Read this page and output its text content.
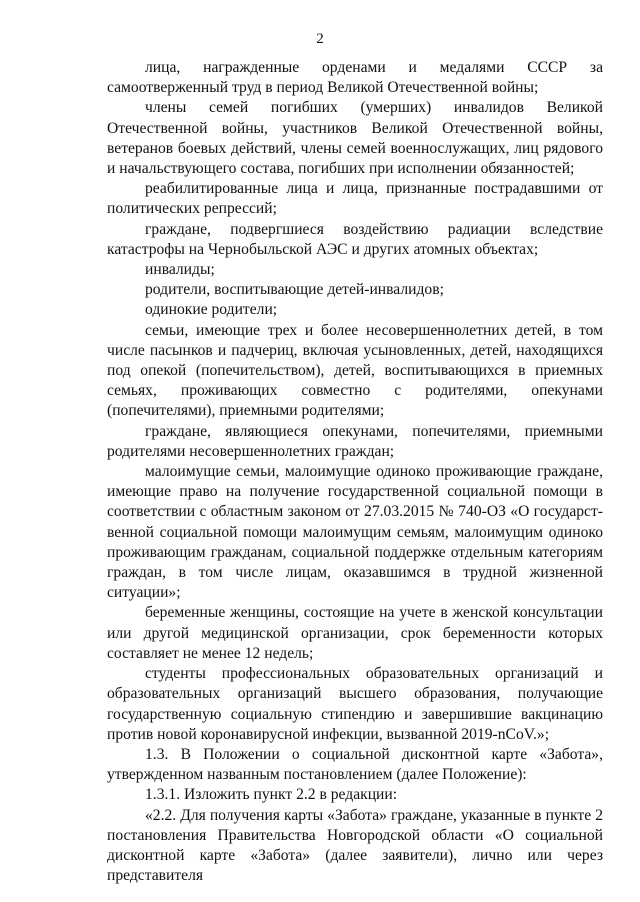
2

лица, награжденные орденами и медалями СССР за самоотверженный труд в период Великой Отечественной войны;

члены семей погибших (умерших) инвалидов Великой Отечественной войны, участников Великой Отечественной войны, ветеранов боевых действий, члены семей военнослужащих, лиц рядового и начальствующего состава, погибших при исполнении обязанностей;

реабилитированные лица и лица, признанные пострадавшими от политических репрессий;

граждане, подвергшиеся воздействию радиации вследствие катастрофы на Чернобыльской АЭС и других атомных объектах;

инвалиды;

родители, воспитывающие детей-инвалидов;

одинокие родители;

семьи, имеющие трех и более несовершеннолетних детей, в том числе пасынков и падчериц, включая усыновленных, детей, находящихся под опекой (попечительством), детей, воспитывающихся в приемных семьях, проживающих совместно с родителями, опекунами (попечителями), приемными родителями;

граждане, являющиеся опекунами, попечителями, приемными родителями несовершеннолетних граждан;

малоимущие семьи, малоимущие одиноко проживающие граждане, имеющие право на получение государственной социальной помощи в соответствии с областным законом от 27.03.2015 № 740-ОЗ «О государст-венной социальной помощи малоимущим семьям, малоимущим одиноко проживающим гражданам, социальной поддержке отдельным категориям граждан, в том числе лицам, оказавшимся в трудной жизненной ситуации»;

беременные женщины, состоящие на учете в женской консультации или другой медицинской организации, срок беременности которых составляет не менее 12 недель;

студенты профессиональных образовательных организаций и образовательных организаций высшего образования, получающие государственную социальную стипендию и завершившие вакцинацию против новой коронавирусной инфекции, вызванной 2019-nCoV.»;

1.3. В Положении о социальной дисконтной карте «Забота», утвержденном названным постановлением (далее Положение):

1.3.1. Изложить пункт 2.2 в редакции:

«2.2. Для получения карты «Забота» граждане, указанные в пункте 2 постановления Правительства Новгородской области «О социальной дисконтной карте «Забота» (далее заявители), лично или через представителя
